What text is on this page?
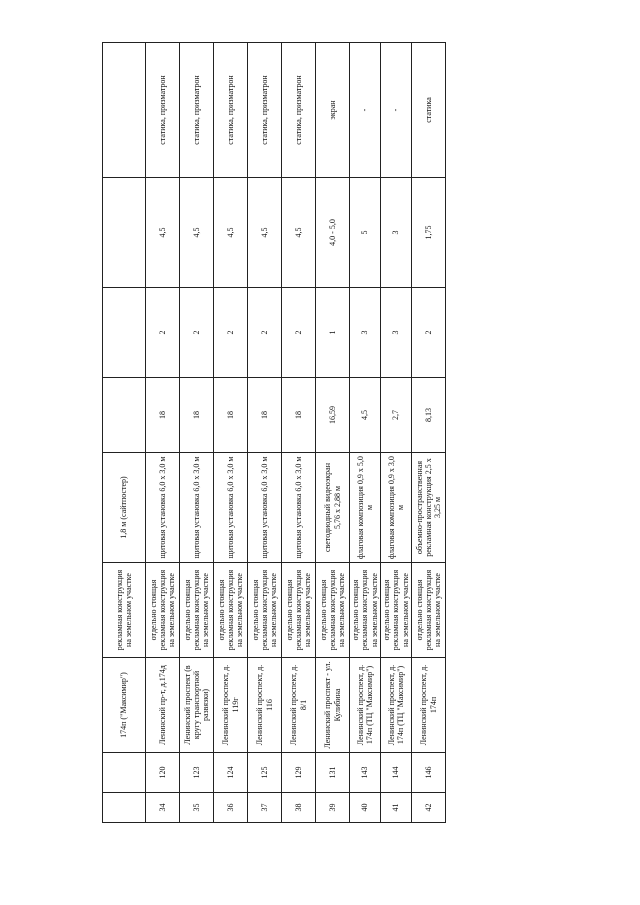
		174п ("Максимир")	рекламная конструкция на земельном участке	1,8 м (сайтпостер)				
34	120	Ленинский пр-т, д.174д	отдельно стоящая рекламная конструкция на земельном участке	щитовая установка 6,0 х 3,0 м	18	2	4,5	статика, призматрон
35	123	Ленинский проспект (в кругу транспортной развязки)	отдельно стоящая рекламная конструкция на земельном участке	щитовая установка 6,0 х 3,0 м	18	2	4,5	статика, призматрон
36	124	Ленинский проспект, д. 119г	отдельно стоящая рекламная конструкция на земельном участке	щитовая установка 6,0 х 3,0 м	18	2	4,5	статика, призматрон
37	125	Ленинский проспект, д. 116	отдельно стоящая рекламная конструкция на земельном участке	щитовая установка 6,0 х 3,0 м	18	2	4,5	статика, призматрон
38	129	Ленинский проспект, д. 8/1	отдельно стоящая рекламная конструкция на земельном участке	щитовая установка 6,0 х 3,0 м	18	2	4,5	статика, призматрон
39	131	Ленинский проспект - ул. Кулибина	отдельно стоящая рекламная конструкция на земельном участке	светодиодный видеоэкран 5,76 х 2,88 м	16,59	1	4,0 - 5,0	экран
40	143	Ленинский проспект, д. 174п (ТЦ "Максимир")	отдельно стоящая рекламная конструкция на земельном участке	флаговая композиция 0,9 х 5,0 м	4,5	3	5	-
41	144	Ленинский проспект, д. 174п (ТЦ "Максимир")	отдельно стоящая рекламная конструкция на земельном участке	флаговая композиция 0,9 х 3,0 м	2,7	3	3	-
42	146	Ленинский проспект, д. 174п	отдельно стоящая рекламная конструкция на земельном участке	объемно-пространственная рекламная конструкция 2,5 х 3,25 м	8,13	2	1,75	статика
